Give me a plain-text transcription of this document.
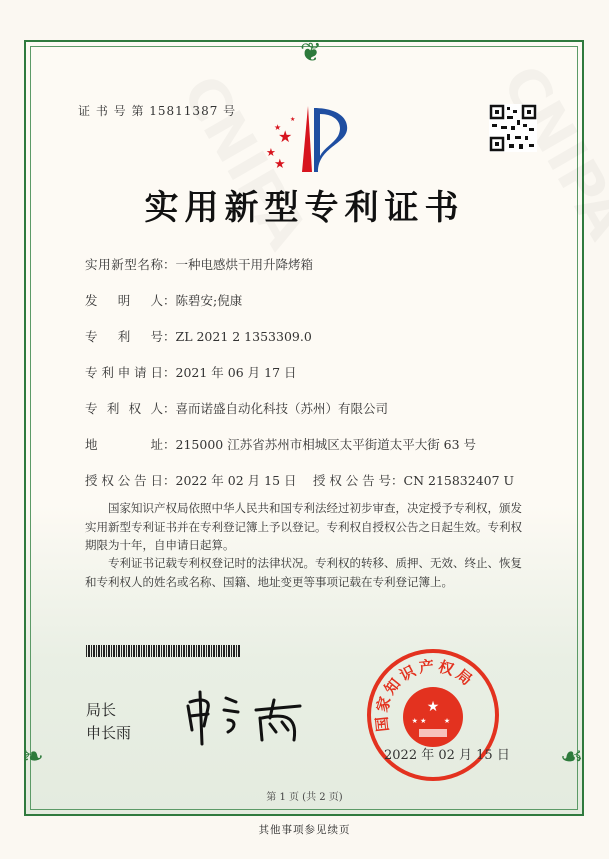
❦
❧	☙
证 书 号 第 15811387 号
★
★
★
★
★
实用新型专利证书
实用新型名称：一种电感烘干用升降烤箱
发明人：陈碧安;倪康
专利号：ZL 2021 2 1353309.0
专利申请日：2021 年 06 月 17 日
专利权人：喜而诺盛自动化科技（苏州）有限公司
地址：215000 江苏省苏州市相城区太平街道太平大街 63 号
授权公告日：2022 年 02 月 15 日 授权公告号：CN 215832407 U
国家知识产权局依照中华人民共和国专利法经过初步审查，决定授予专利权，颁发实用新型专利证书并在专利登记簿上予以登记。专利权自授权公告之日起生效。专利权期限为十年，自申请日起算。
专利证书记载专利权登记时的法律状况。专利权的转移、质押、无效、终止、恢复和专利权人的姓名或名称、国籍、地址变更等事项记载在专利登记簿上。
局长
申长雨
国家知识产权局
★
★ ★ ★
2022 年 02 月 15 日
第 1 页 (共 2 页)
其他事项参见续页
